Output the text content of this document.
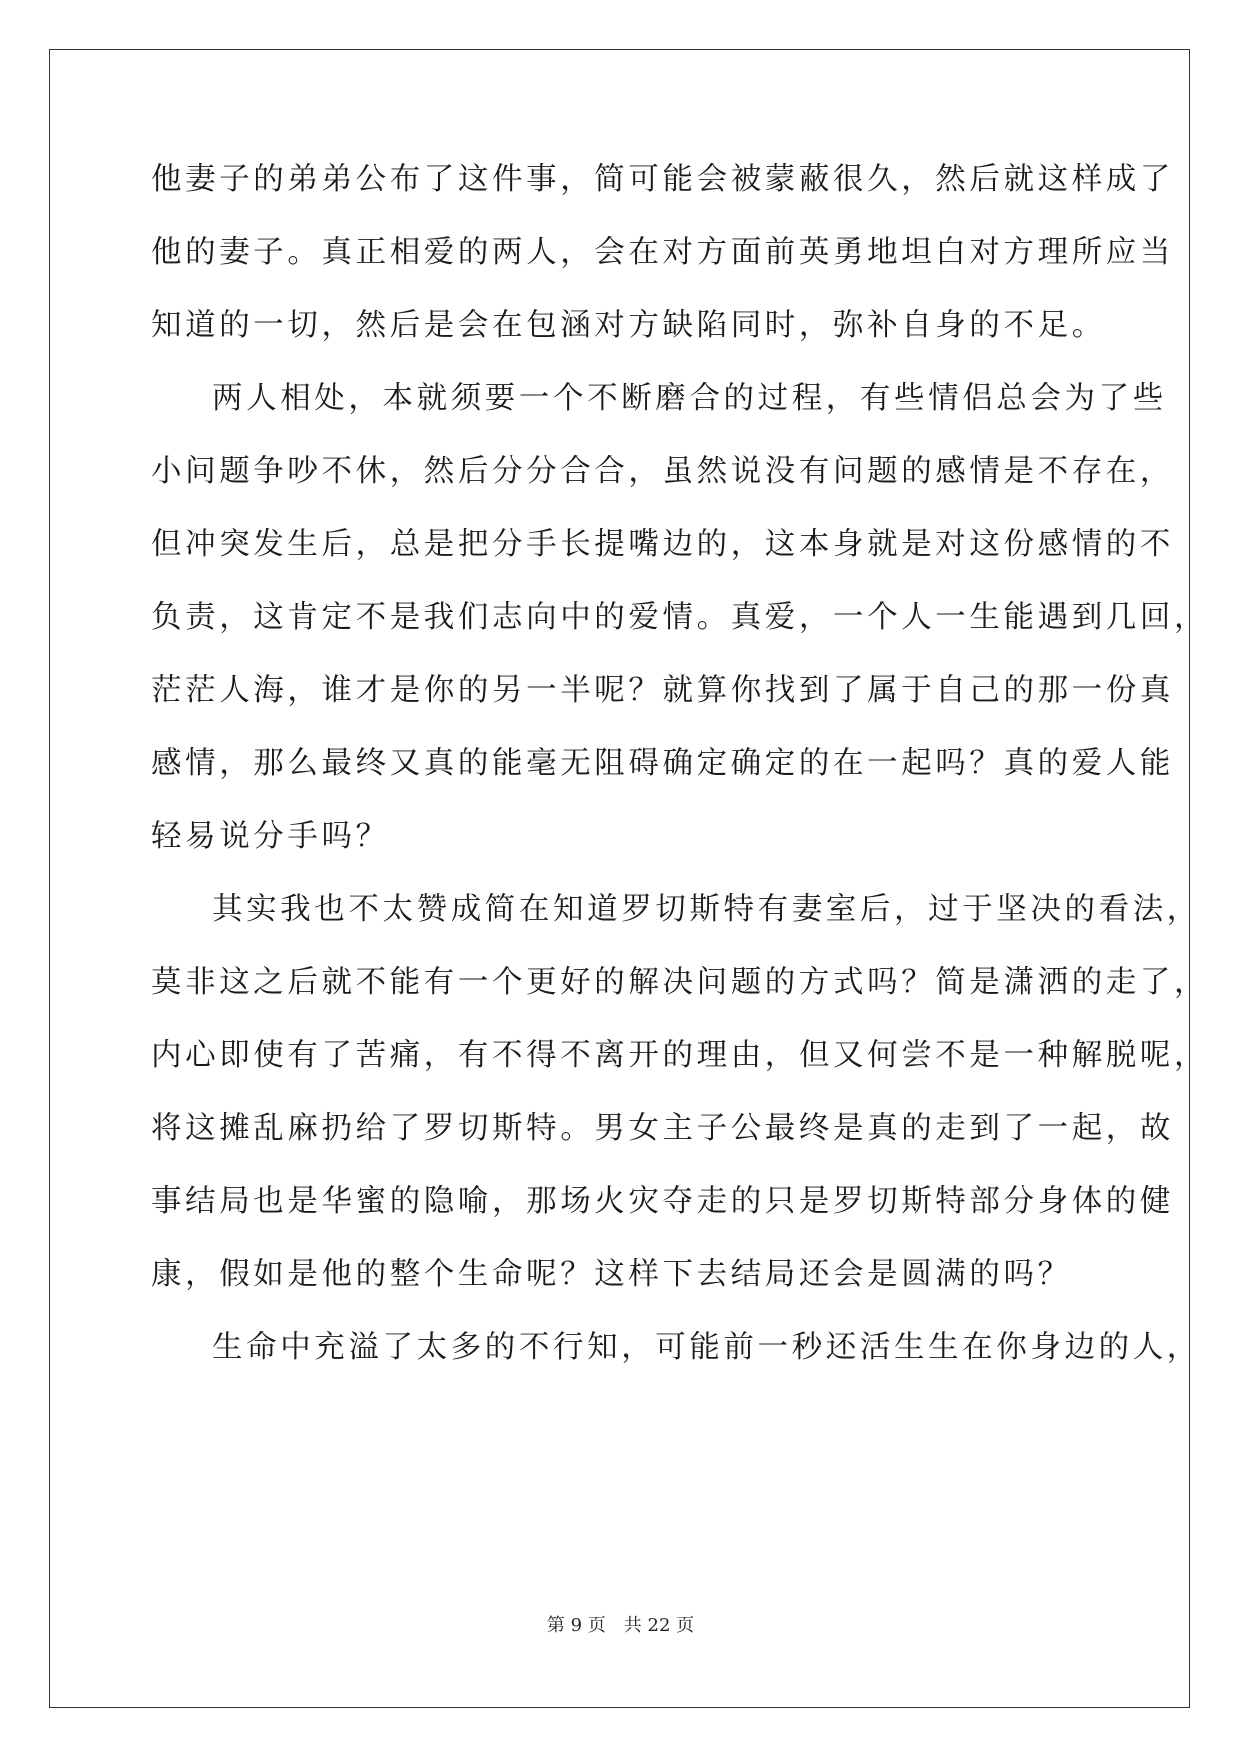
他妻子的弟弟公布了这件事，简可能会被蒙蔽很久，然后就这样成了
他的妻子。真正相爱的两人，会在对方面前英勇地坦白对方理所应当
知道的一切，然后是会在包涵对方缺陷同时，弥补自身的不足。
两人相处，本就须要一个不断磨合的过程，有些情侣总会为了些
小问题争吵不休，然后分分合合，虽然说没有问题的感情是不存在，
但冲突发生后，总是把分手长提嘴边的，这本身就是对这份感情的不
负责，这肯定不是我们志向中的爱情。真爱，一个人一生能遇到几回，
茫茫人海，谁才是你的另一半呢？就算你找到了属于自己的那一份真
感情，那么最终又真的能毫无阻碍确定确定的在一起吗？真的爱人能
轻易说分手吗？
其实我也不太赞成简在知道罗切斯特有妻室后，过于坚决的看法，
莫非这之后就不能有一个更好的解决问题的方式吗？简是潇洒的走了，
内心即使有了苦痛，有不得不离开的理由，但又何尝不是一种解脱呢，
将这摊乱麻扔给了罗切斯特。男女主子公最终是真的走到了一起，故
事结局也是华蜜的隐喻，那场火灾夺走的只是罗切斯特部分身体的健
康，假如是他的整个生命呢？这样下去结局还会是圆满的吗？
生命中充溢了太多的不行知，可能前一秒还活生生在你身边的人，
第 9 页　共 22 页
